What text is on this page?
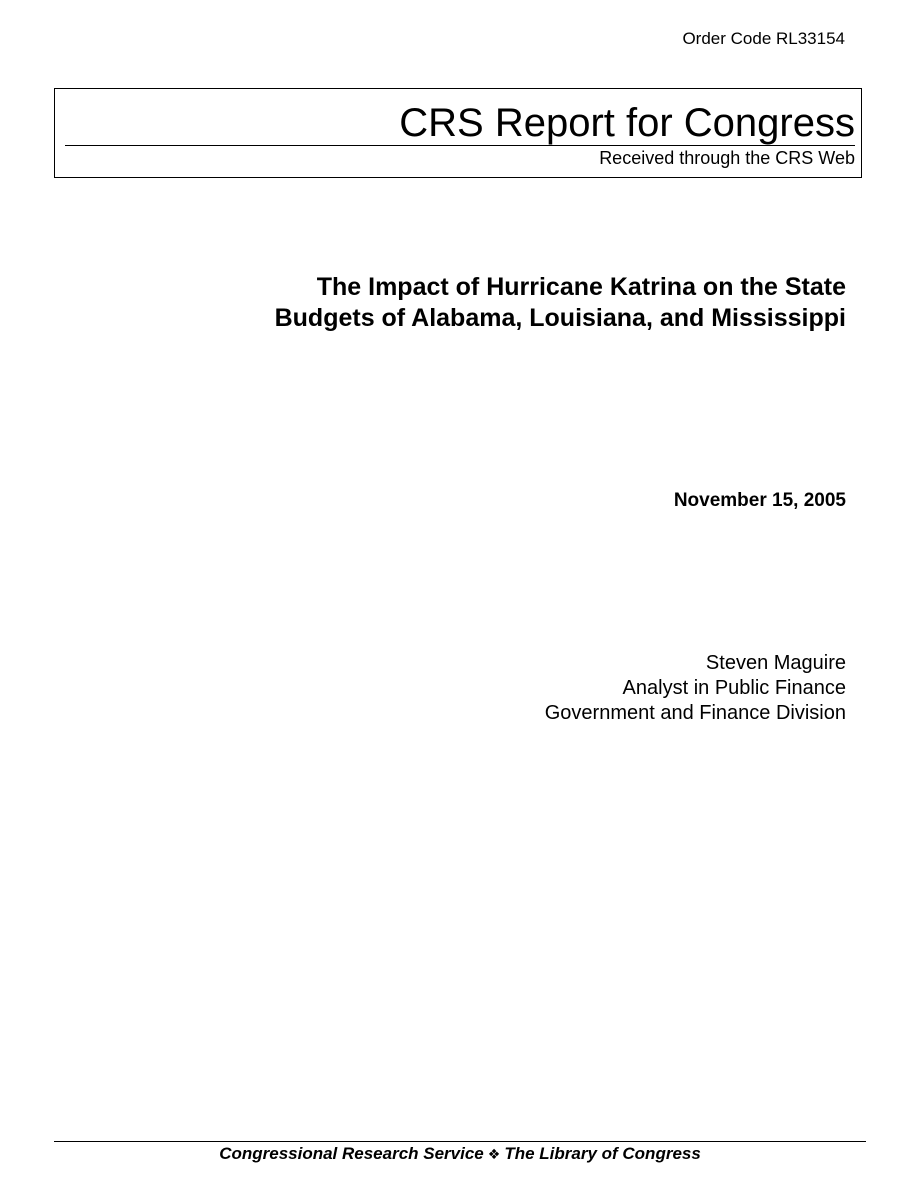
Order Code RL33154
CRS Report for Congress
Received through the CRS Web
The Impact of Hurricane Katrina on the State
Budgets of Alabama, Louisiana, and Mississippi
November 15, 2005
Steven Maguire
Analyst in Public Finance
Government and Finance Division
Congressional Research Service ❖ The Library of Congress
